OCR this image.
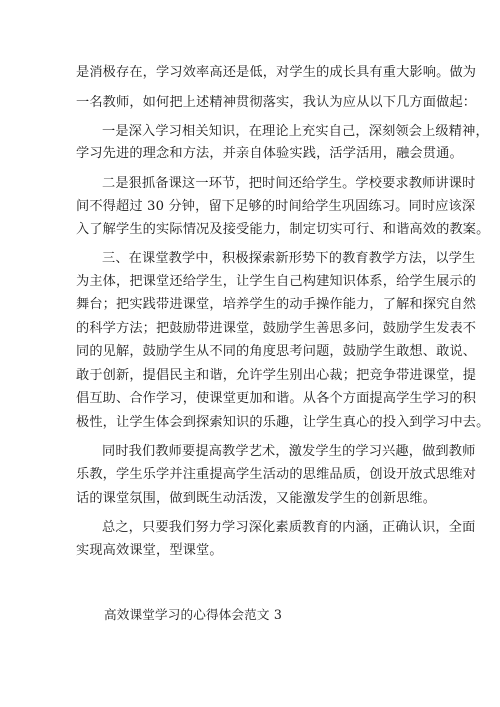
是消极存在，学习效率高还是低，对学生的成长具有重大影响。做为
一名教师，如何把上述精神贯彻落实，我认为应从以下几方面做起：
一是深入学习相关知识，在理论上充实自己，深刻领会上级精神，
学习先进的理念和方法，并亲自体验实践，活学活用，融会贯通。
二是狠抓备课这一环节，把时间还给学生。学校要求教师讲课时
间不得超过 30 分钟，留下足够的时间给学生巩固练习。同时应该深
入了解学生的实际情况及接受能力，制定切实可行、和谐高效的教案。
三、在课堂教学中，积极探索新形势下的教育教学方法，以学生
为主体，把课堂还给学生，让学生自己构建知识体系，给学生展示的
舞台；把实践带进课堂，培养学生的动手操作能力，了解和探究自然
的科学方法；把鼓励带进课堂，鼓励学生善思多问，鼓励学生发表不
同的见解，鼓励学生从不同的角度思考问题，鼓励学生敢想、敢说、
敢于创新，提倡民主和谐，允许学生别出心裁；把竞争带进课堂，提
倡互助、合作学习，使课堂更加和谐。从各个方面提高学生学习的积
极性，让学生体会到探索知识的乐趣，让学生真心的投入到学习中去。
同时我们教师要提高教学艺术，激发学生的学习兴趣，做到教师
乐教，学生乐学并注重提高学生活动的思维品质，创设开放式思维对
话的课堂氛围，做到既生动活泼，又能激发学生的创新思维。
总之，只要我们努力学习深化素质教育的内涵，正确认识，全面
实现高效课堂，型课堂。
高效课堂学习的心得体会范文 3
